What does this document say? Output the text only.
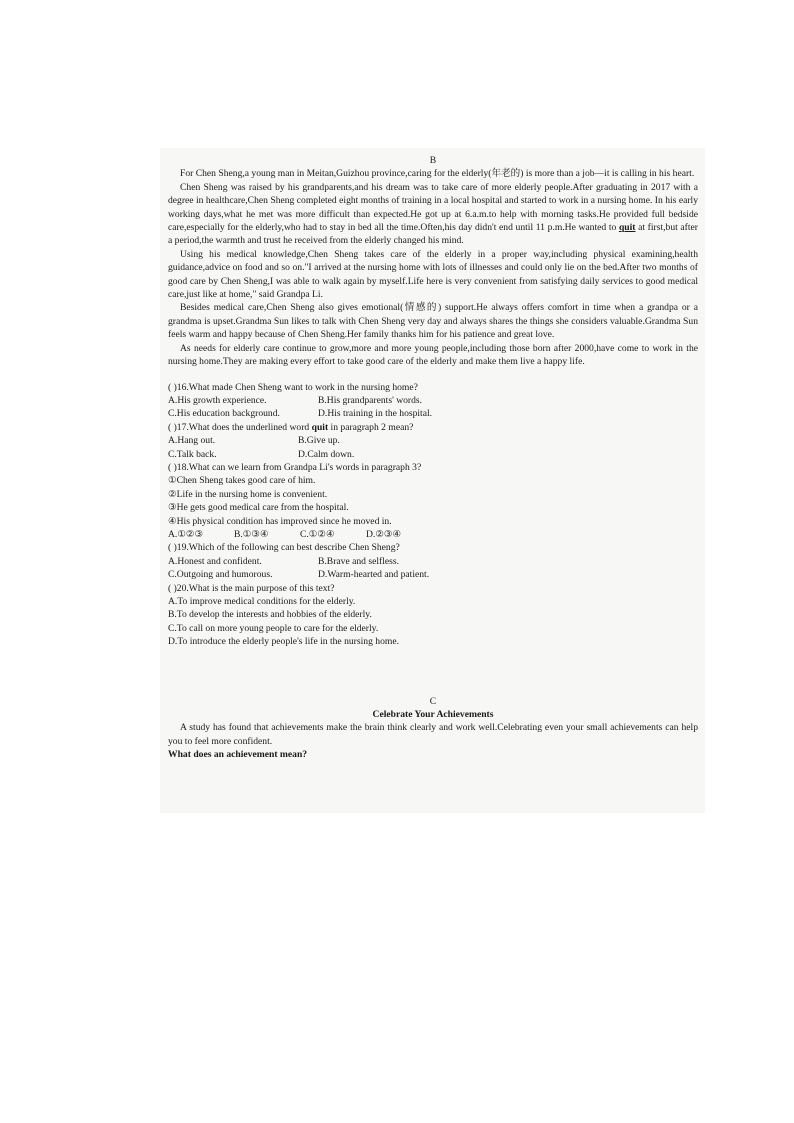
B

For Chen Sheng,a young man in Meitan,Guizhou province,caring for the elderly(年老的) is more than a job—it is calling in his heart.

Chen Sheng was raised by his grandparents,and his dream was to take care of more elderly people.After graduating in 2017 with a degree in healthcare,Chen Sheng completed eight months of training in a local hospital and started to work in a nursing home. In his early working days,what he met was more difficult than expected.He got up at 6.a.m.to help with morning tasks.He provided full bedside care,especially for the elderly,who had to stay in bed all the time.Often,his day didn't end until 11 p.m.He wanted to quit at first,but after a period,the warmth and trust he received from the elderly changed his mind.

Using his medical knowledge,Chen Sheng takes care of the elderly in a proper way,including physical examining,health guidance,advice on food and so on."I arrived at the nursing home with lots of illnesses and could only lie on the bed.After two months of good care by Chen Sheng,I was able to walk again by myself.Life here is very convenient from satisfying daily services to good medical care,just like at home," said Grandpa Li.

Besides medical care,Chen Sheng also gives emotional(情感的) support.He always offers comfort in time when a grandpa or a grandma is upset.Grandma Sun likes to talk with Chen Sheng very day and always shares the things she considers valuable.Grandma Sun feels warm and happy because of Chen Sheng.Her family thanks him for his patience and great love.

As needs for elderly care continue to grow,more and more young people,including those born after 2000,have come to work in the nursing home.They are making every effort to take good care of the elderly and make them live a happy life.

( )16.What made Chen Sheng want to work in the nursing home?
A.His growth experience.	B.His grandparents' words.
C.His education background.	D.His training in the hospital.
( )17.What does the underlined word quit in paragraph 2 mean?
A.Hang out.	B.Give up.
C.Talk back.	D.Calm down.
( )18.What can we learn from Grandpa Li's words in paragraph 3?
①Chen Sheng takes good care of him.
②Life in the nursing home is convenient.
③He gets good medical care from the hospital.
④His physical condition has improved since he moved in.
A.①②③	B.①③④	C.①②④	D.②③④
( )19.Which of the following can best describe Chen Sheng?
A.Honest and confident.	B.Brave and selfless.
C.Outgoing and humorous.	D.Warm-hearted and patient.
( )20.What is the main purpose of this text?
A.To improve medical conditions for the elderly.
B.To develop the interests and hobbies of the elderly.
C.To call on more young people to care for the elderly.
D.To introduce the elderly people's life in the nursing home.
C
Celebrate Your Achievements

A study has found that achievements make the brain think clearly and work well.Celebrating even your small achievements can help you to feel more confident.

What does an achievement mean?
